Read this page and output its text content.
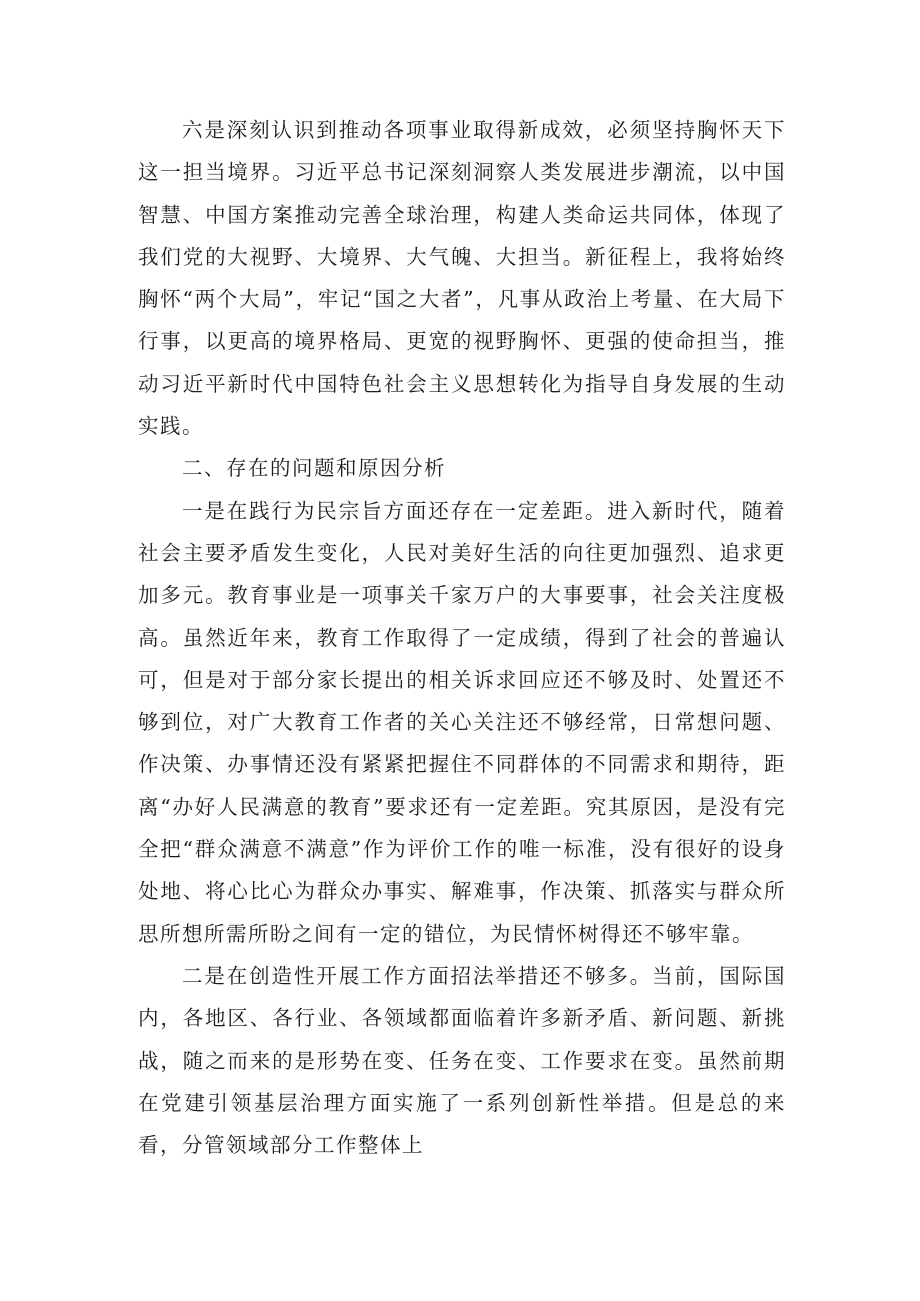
六是深刻认识到推动各项事业取得新成效，必须坚持胸怀天下这一担当境界。习近平总书记深刻洞察人类发展进步潮流，以中国智慧、中国方案推动完善全球治理，构建人类命运共同体，体现了我们党的大视野、大境界、大气魄、大担当。新征程上，我将始终胸怀“两个大局”，牢记“国之大者”，凡事从政治上考量、在大局下行事，以更高的境界格局、更宽的视野胸怀、更强的使命担当，推动习近平新时代中国特色社会主义思想转化为指导自身发展的生动实践。

二、存在的问题和原因分析

一是在践行为民宗旨方面还存在一定差距。进入新时代，随着社会主要矛盾发生变化，人民对美好生活的向往更加强烈、追求更加多元。教育事业是一项事关千家万户的大事要事，社会关注度极高。虽然近年来，教育工作取得了一定成绩，得到了社会的普遍认可，但是对于部分家长提出的相关诉求回应还不够及时、处置还不够到位，对广大教育工作者的关心关注还不够经常，日常想问题、作决策、办事情还没有紧紧把握住不同群体的不同需求和期待，距离“办好人民满意的教育”要求还有一定差距。究其原因，是没有完全把“群众满意不满意”作为评价工作的唯一标准，没有很好的设身处地、将心比心为群众办事实、解难事，作决策、抓落实与群众所思所想所需所盼之间有一定的错位，为民情怀树得还不够牢靠。

二是在创造性开展工作方面招法举措还不够多。当前，国际国内，各地区、各行业、各领域都面临着许多新矛盾、新问题、新挑战，随之而来的是形势在变、任务在变、工作要求在变。虽然前期在党建引领基层治理方面实施了一系列创新性举措。但是总的来看，分管领域部分工作整体上
